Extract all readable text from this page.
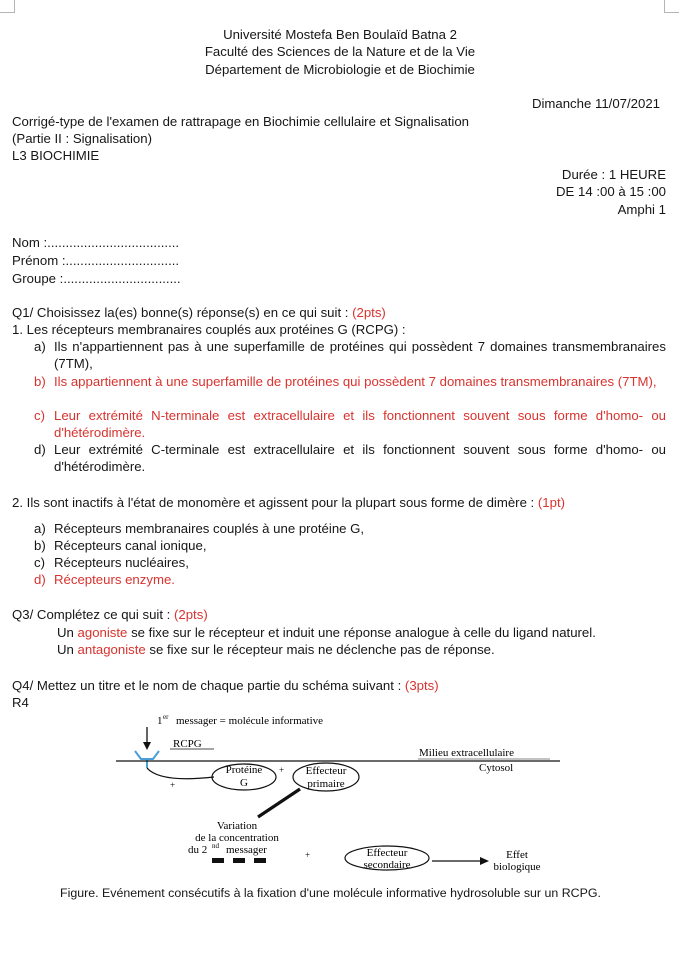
Université Mostefa Ben Boulaïd Batna 2
Faculté des Sciences de la Nature et de la Vie
Département de Microbiologie et de Biochimie
Dimanche 11/07/2021
Corrigé-type de l'examen de rattrapage en Biochimie cellulaire et Signalisation
(Partie II : Signalisation)
L3 BIOCHIMIE
Durée : 1 HEURE
DE 14 :00 à 15 :00
Amphi 1
Nom :....................................
Prénom :...............................
Groupe :................................
Q1/ Choisissez la(es) bonne(s) réponse(s) en ce qui suit : (2pts)
1. Les récepteurs membranaires couplés aux protéines G (RCPG) :
a) Ils n'appartiennent pas à une superfamille de protéines qui possèdent 7 domaines transmembranaires (7TM),
b) Ils appartiennent à une superfamille de protéines qui possèdent 7 domaines transmembranaires (7TM),
c) Leur extrémité N-terminale est extracellulaire et ils fonctionnent souvent sous forme d'homo- ou d'hétérodimère.
d) Leur extrémité C-terminale est extracellulaire et ils fonctionnent souvent sous forme d'homo- ou d'hétérodimère.
2. Ils sont inactifs à l'état de monomère et agissent pour la plupart sous forme de dimère : (1pt)
a) Récepteurs membranaires couplés à une protéine G,
b) Récepteurs canal ionique,
c) Récepteurs nucléaires,
d) Récepteurs enzyme.
Q3/ Complétez ce qui suit : (2pts)
Un agoniste se fixe sur le récepteur et induit une réponse analogue à celle du ligand naturel.
Un antagoniste se fixe sur le récepteur mais ne déclenche pas de réponse.
Q4/ Mettez un titre et le nom de chaque partie du schéma suivant : (3pts)
R4
1 er messager = molécule informative
RCPG
Milieu extracellulaire
Cytosol
+
Protéine
G
+ Effecteur
primaire
Variation
de la concentration
du 2 nd messager	+	Effecteur
secondaire
Effet
biologique
Figure. Evénement consécutifs à la fixation d'une molécule informative hydrosoluble sur un RCPG.
